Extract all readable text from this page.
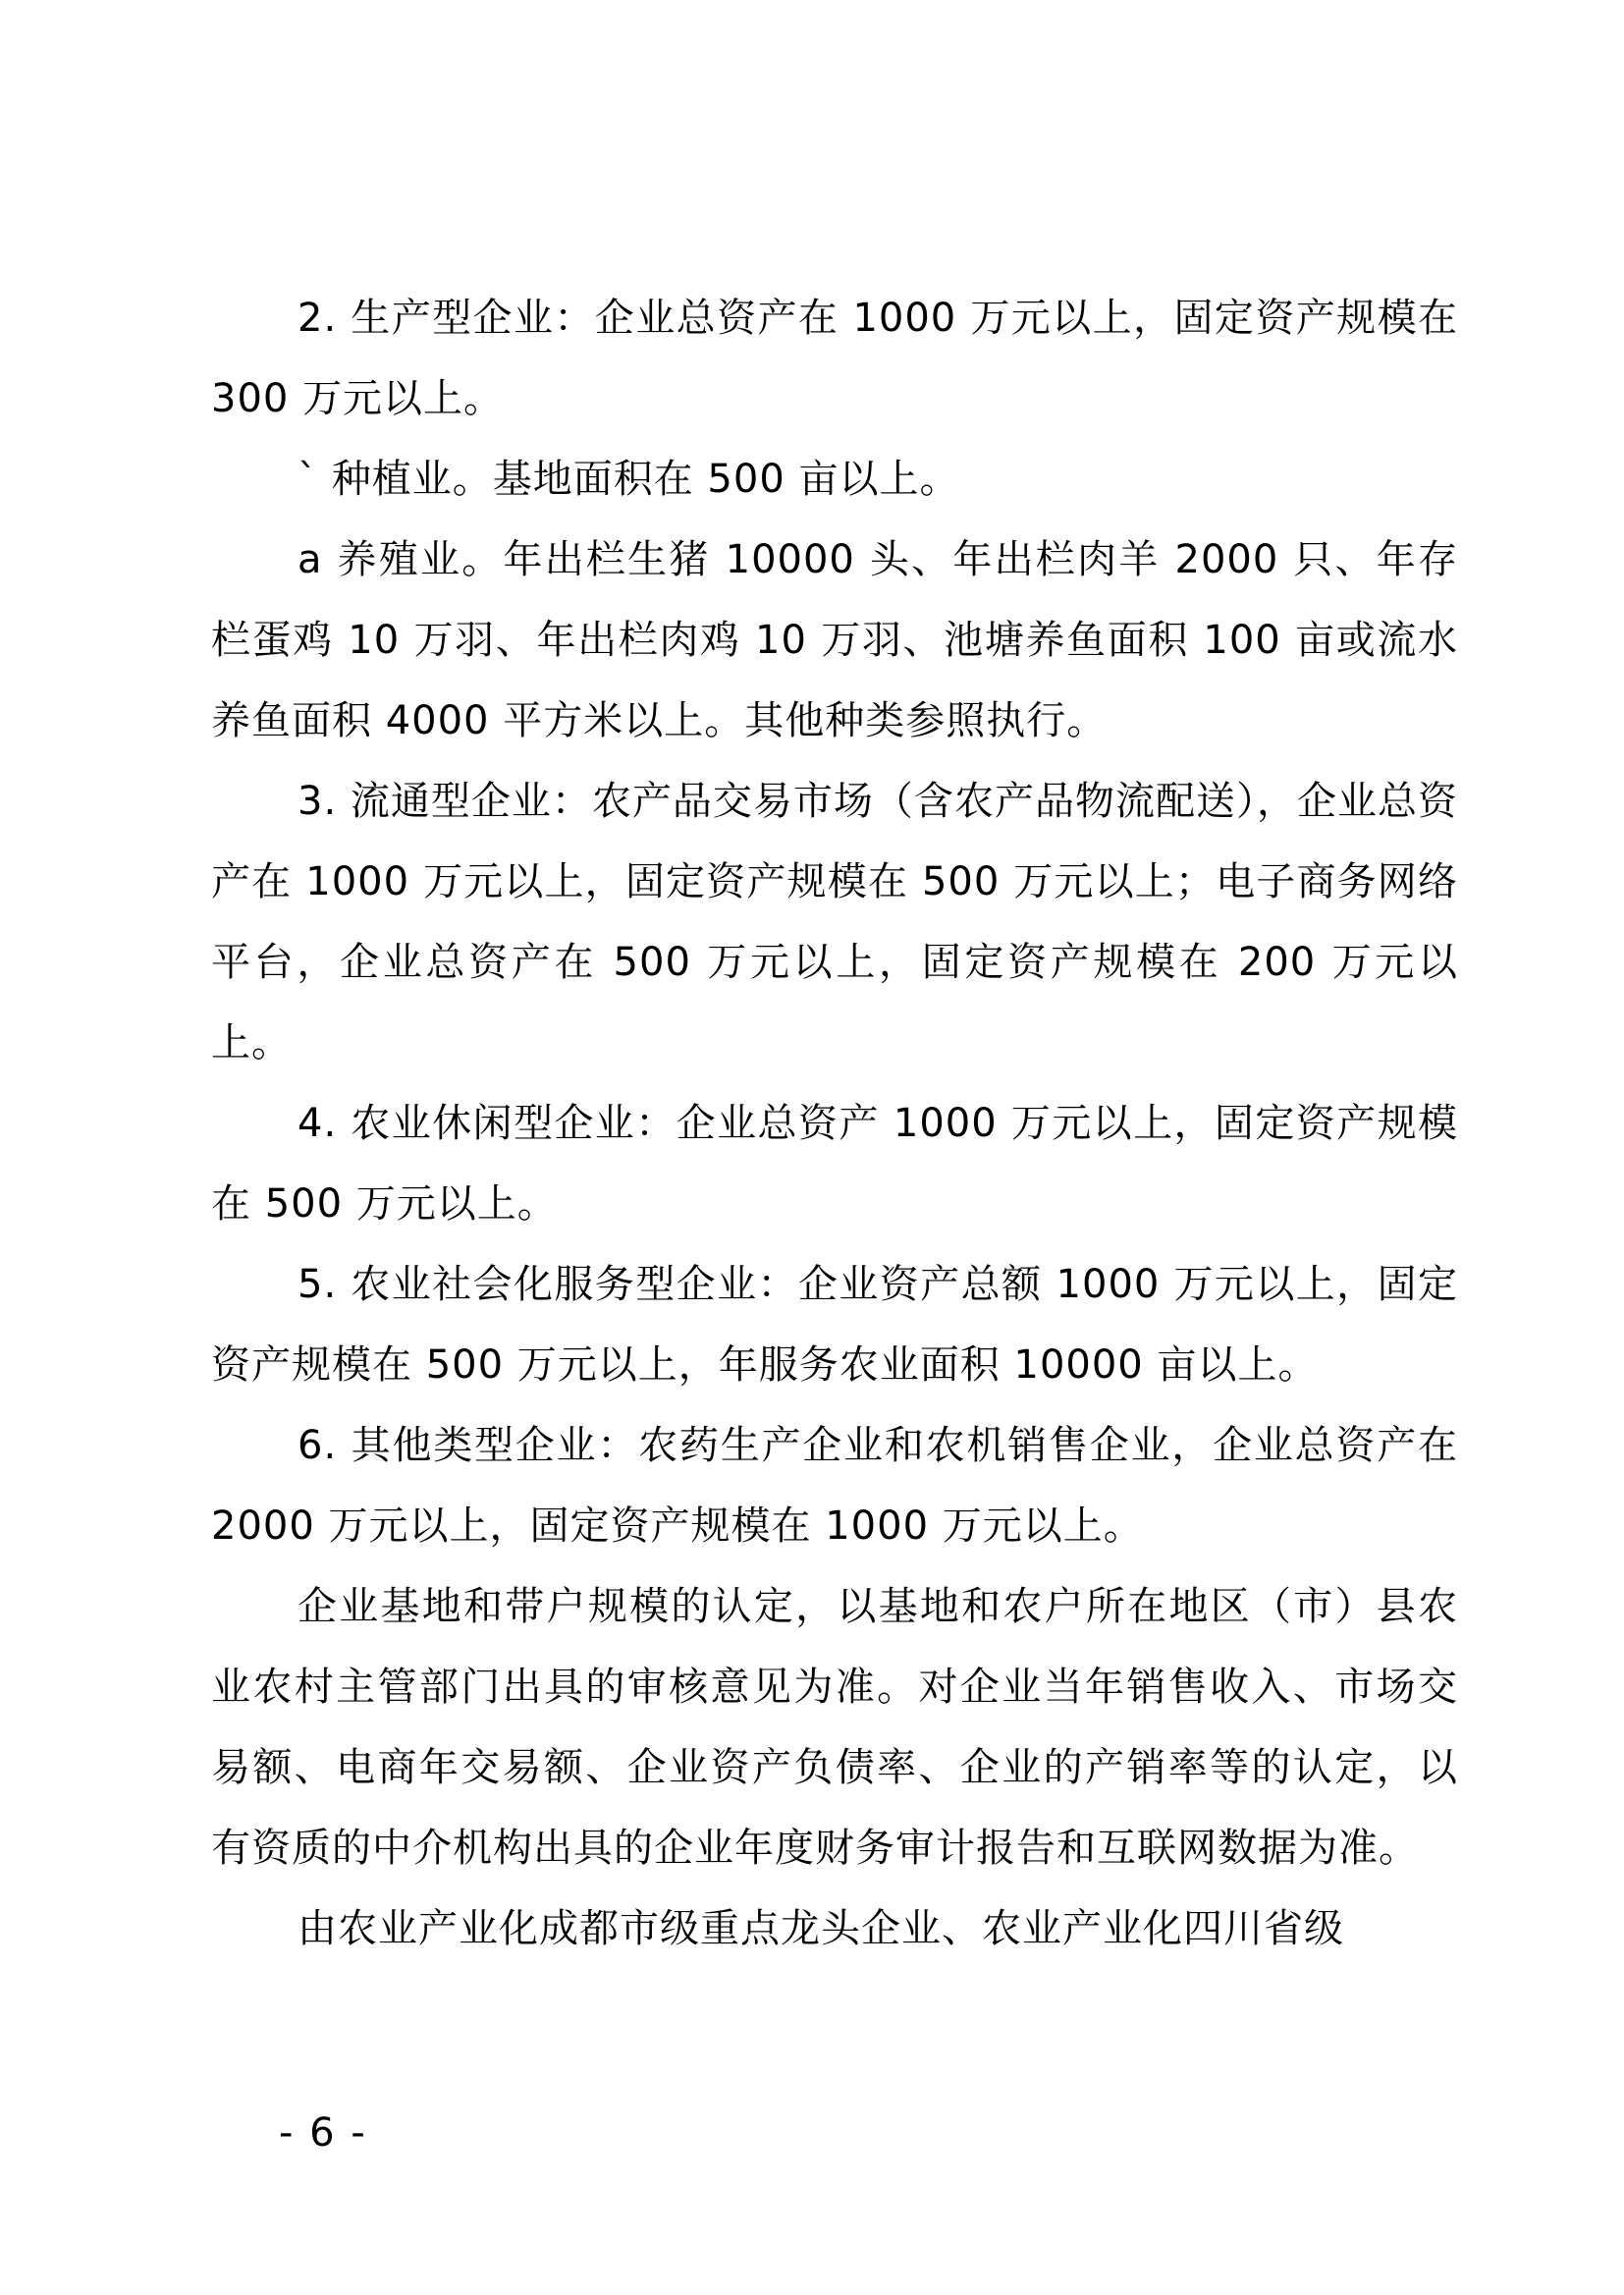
2. 生产型企业：企业总资产在 1000 万元以上，固定资产规模在 300 万元以上。

` 种植业。基地面积在 500 亩以上。

a 养殖业。年出栏生猪 10000 头、年出栏肉羊 2000 只、年存栏蛋鸡 10 万羽、年出栏肉鸡 10 万羽、池塘养鱼面积 100 亩或流水养鱼面积 4000 平方米以上。其他种类参照执行。

3. 流通型企业：农产品交易市场（含农产品物流配送），企业总资产在 1000 万元以上，固定资产规模在 500 万元以上；电子商务网络平台，企业总资产在 500 万元以上，固定资产规模在 200 万元以上。

4. 农业休闲型企业：企业总资产 1000 万元以上，固定资产规模在 500 万元以上。

5. 农业社会化服务型企业：企业资产总额 1000 万元以上，固定资产规模在 500 万元以上，年服务农业面积 10000 亩以上。

6. 其他类型企业：农药生产企业和农机销售企业，企业总资产在 2000 万元以上，固定资产规模在 1000 万元以上。

企业基地和带户规模的认定，以基地和农户所在地区（市）县农业农村主管部门出具的审核意见为准。对企业当年销售收入、市场交易额、电商年交易额、企业资产负债率、企业的产销率等的认定，以有资质的中介机构出具的企业年度财务审计报告和互联网数据为准。

由农业产业化成都市级重点龙头企业、农业产业化四川省级

- 6 -
